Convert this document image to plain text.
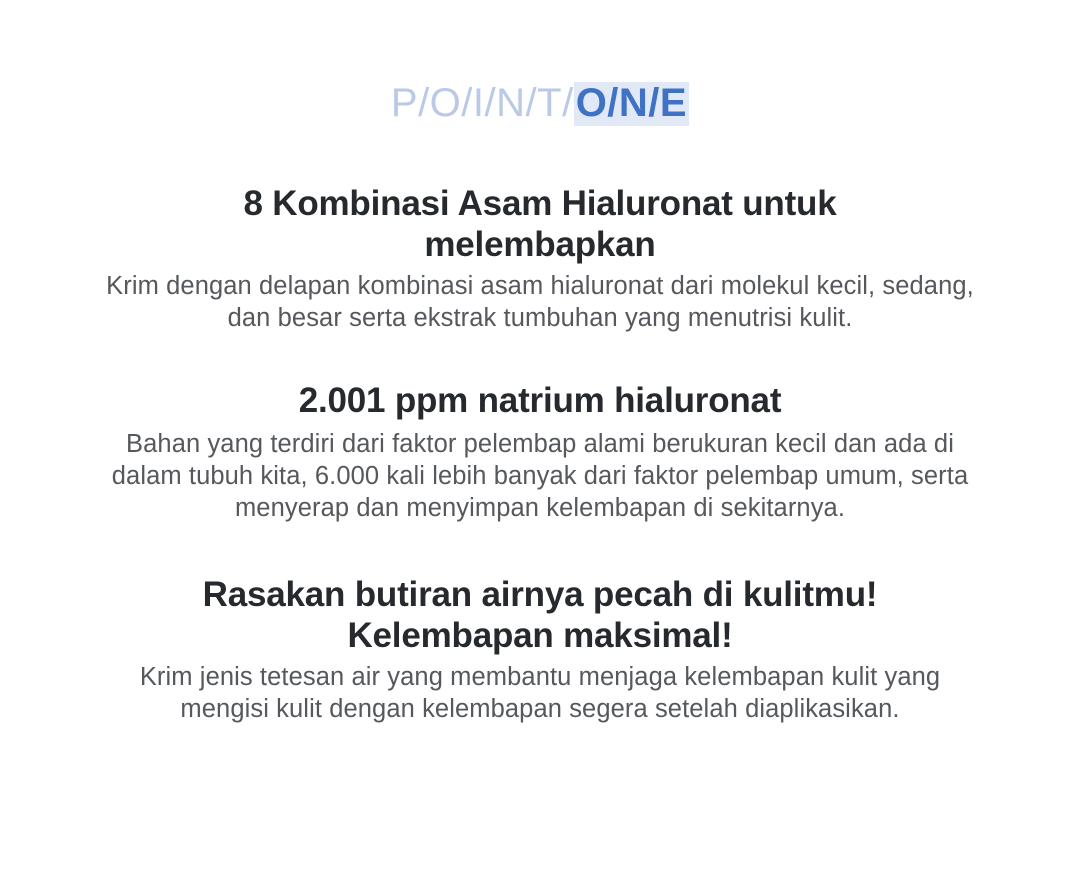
P/O/I/N/T/ O/N/E
8 Kombinasi Asam Hialuronat untuk melembapkan

Krim dengan delapan kombinasi asam hialuronat dari molekul kecil, sedang, dan besar serta ekstrak tumbuhan yang menutrisi kulit.

2.001 ppm natrium hialuronat

Bahan yang terdiri dari faktor pelembap alami berukuran kecil dan ada di dalam tubuh kita, 6.000 kali lebih banyak dari faktor pelembap umum, serta menyerap dan menyimpan kelembapan di sekitarnya.

Rasakan butiran airnya pecah di kulitmu! Kelembapan maksimal!

Krim jenis tetesan air yang membantu menjaga kelembapan kulit yang mengisi kulit dengan kelembapan segera setelah diaplikasikan.
